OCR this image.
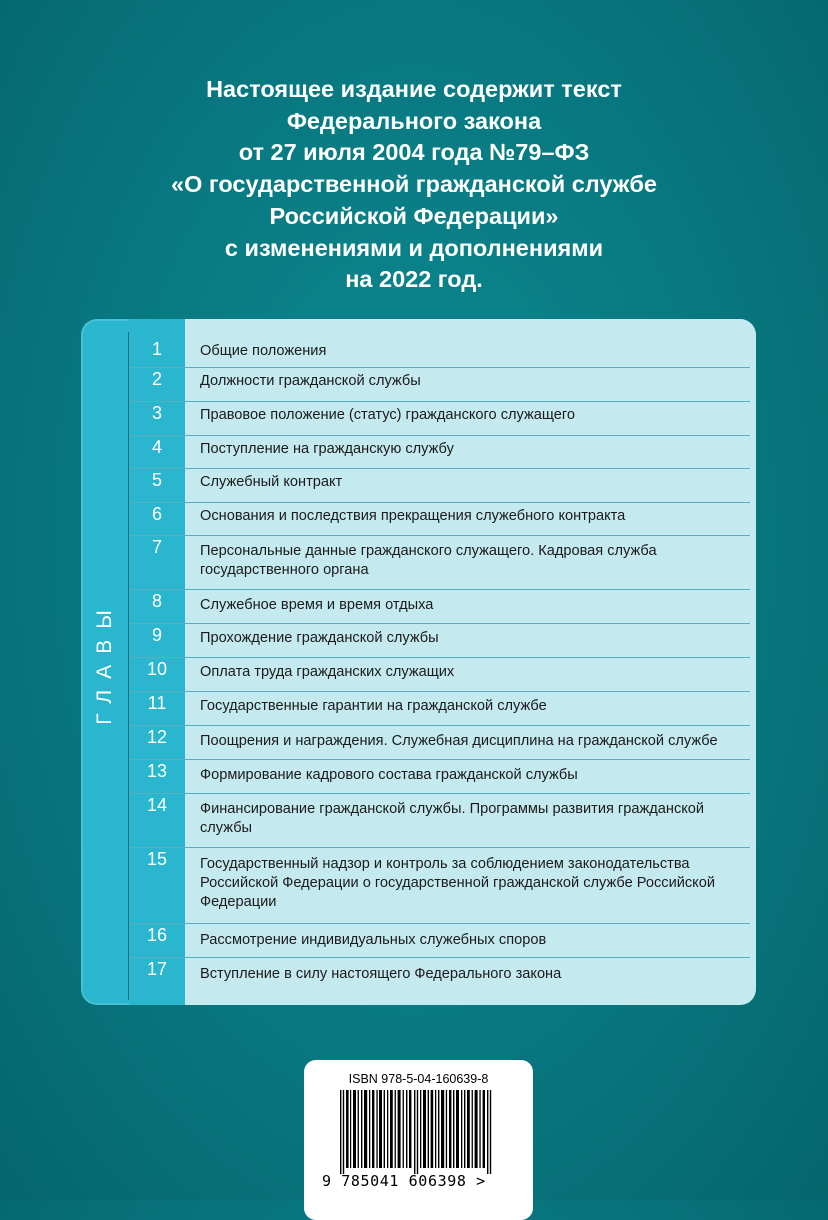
Настоящее издание содержит текст
Федерального закона
от 27 июля 2004 года №79–ФЗ
«О государственной гражданской службе
Российской Федерации»
с изменениями и дополнениями
на 2022 год.
ГЛАВЫ
1	Общие положения
2	Должности гражданской службы
3	Правовое положение (статус) гражданского служащего
4	Поступление на гражданскую службу
5	Служебный контракт
6	Основания и последствия прекращения служебного контракта
7	Персональные данные гражданского служащего. Кадровая служба государственного органа
8	Служебное время и время отдыха
9	Прохождение гражданской службы
10	Оплата труда гражданских служащих
11	Государственные гарантии на гражданской службе
12	Поощрения и награждения. Служебная дисциплина на гражданской службе
13	Формирование кадрового состава гражданской службы
14	Финансирование гражданской службы. Программы развития гражданской службы
15	Государственный надзор и контроль за соблюдением законодательства Российской Федерации о государственной гражданской службе Российской Федерации
16	Рассмотрение индивидуальных служебных споров
17	Вступление в силу настоящего Федерального закона
ISBN 978-5-04-160639-8
9 785041 606398 >
